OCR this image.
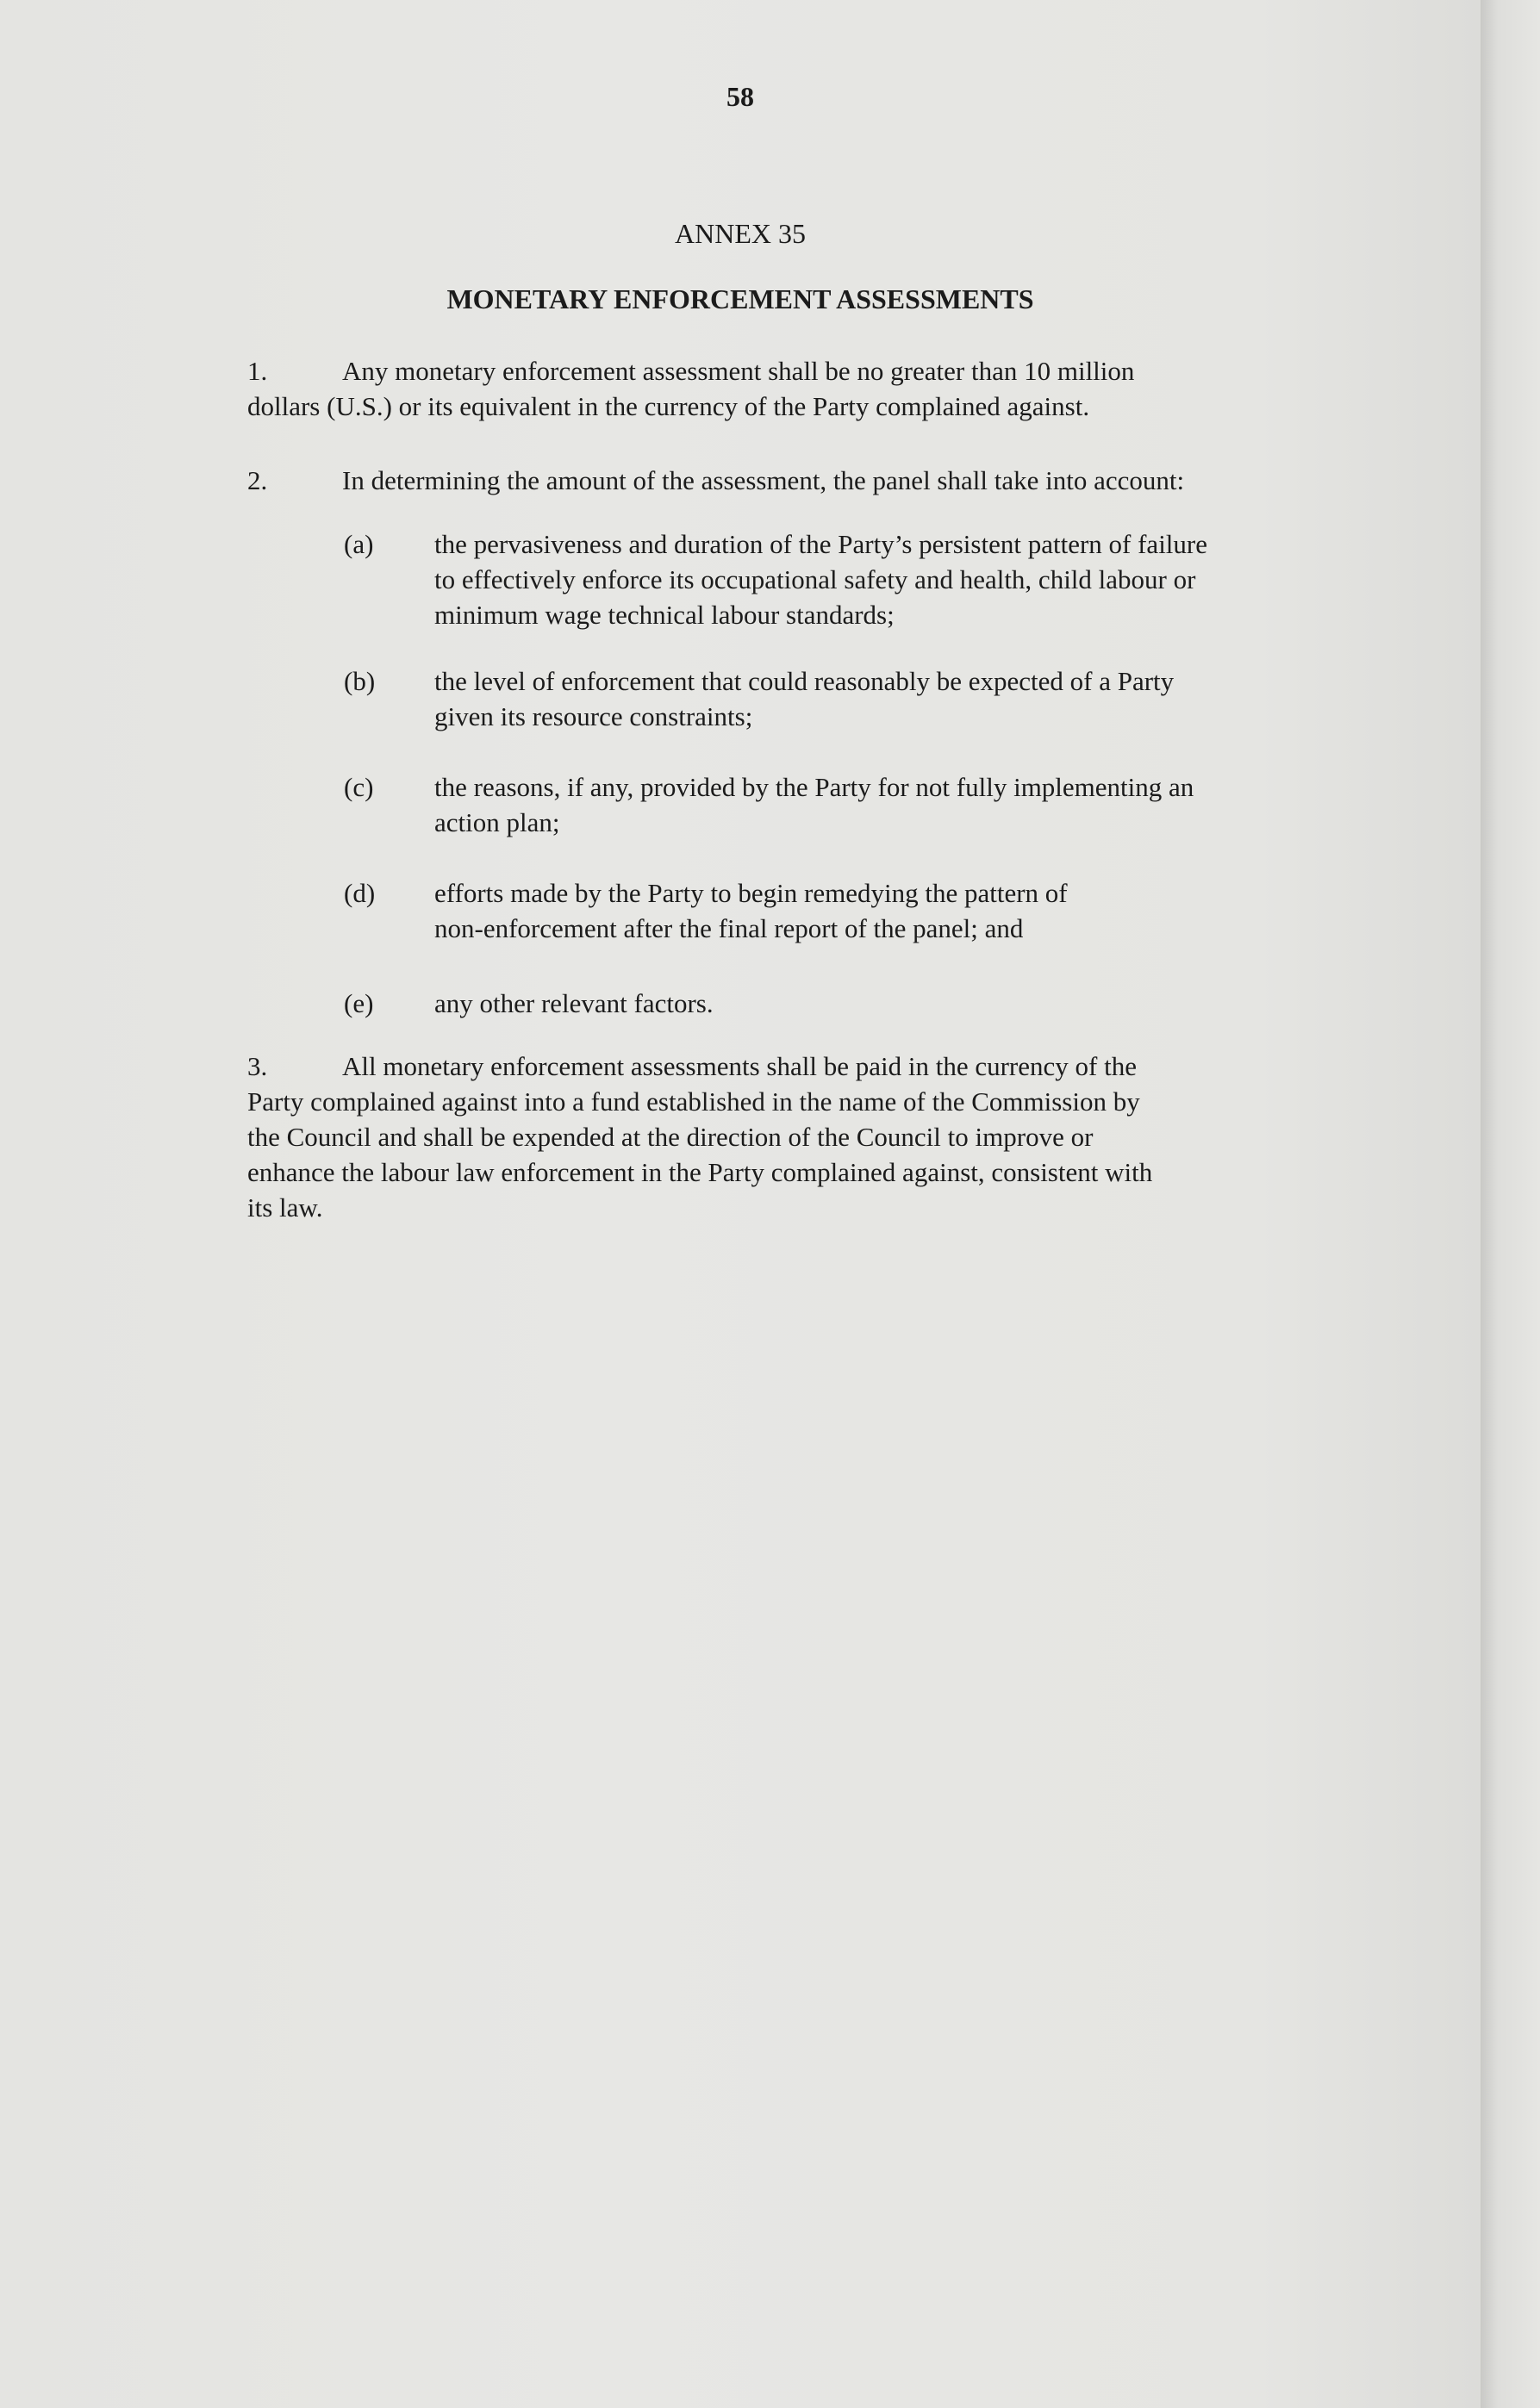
58
ANNEX 35
MONETARY ENFORCEMENT ASSESSMENTS
1.	Any monetary enforcement assessment shall be no greater than 10 million
dollars (U.S.) or its equivalent in the currency of the Party complained against.
2.	In determining the amount of the assessment, the panel shall take into account:
(a) the pervasiveness and duration of the Party’s persistent pattern of failure
to effectively enforce its occupational safety and health, child labour or
minimum wage technical labour standards;
(b) the level of enforcement that could reasonably be expected of a Party
given its resource constraints;
(c) the reasons, if any, provided by the Party for not fully implementing an
action plan;
(d) efforts made by the Party to begin remedying the pattern of
non-enforcement after the final report of the panel; and
(e) any other relevant factors.
3.	All monetary enforcement assessments shall be paid in the currency of the
Party complained against into a fund established in the name of the Commission by
the Council and shall be expended at the direction of the Council to improve or
enhance the labour law enforcement in the Party complained against, consistent with
its law.
